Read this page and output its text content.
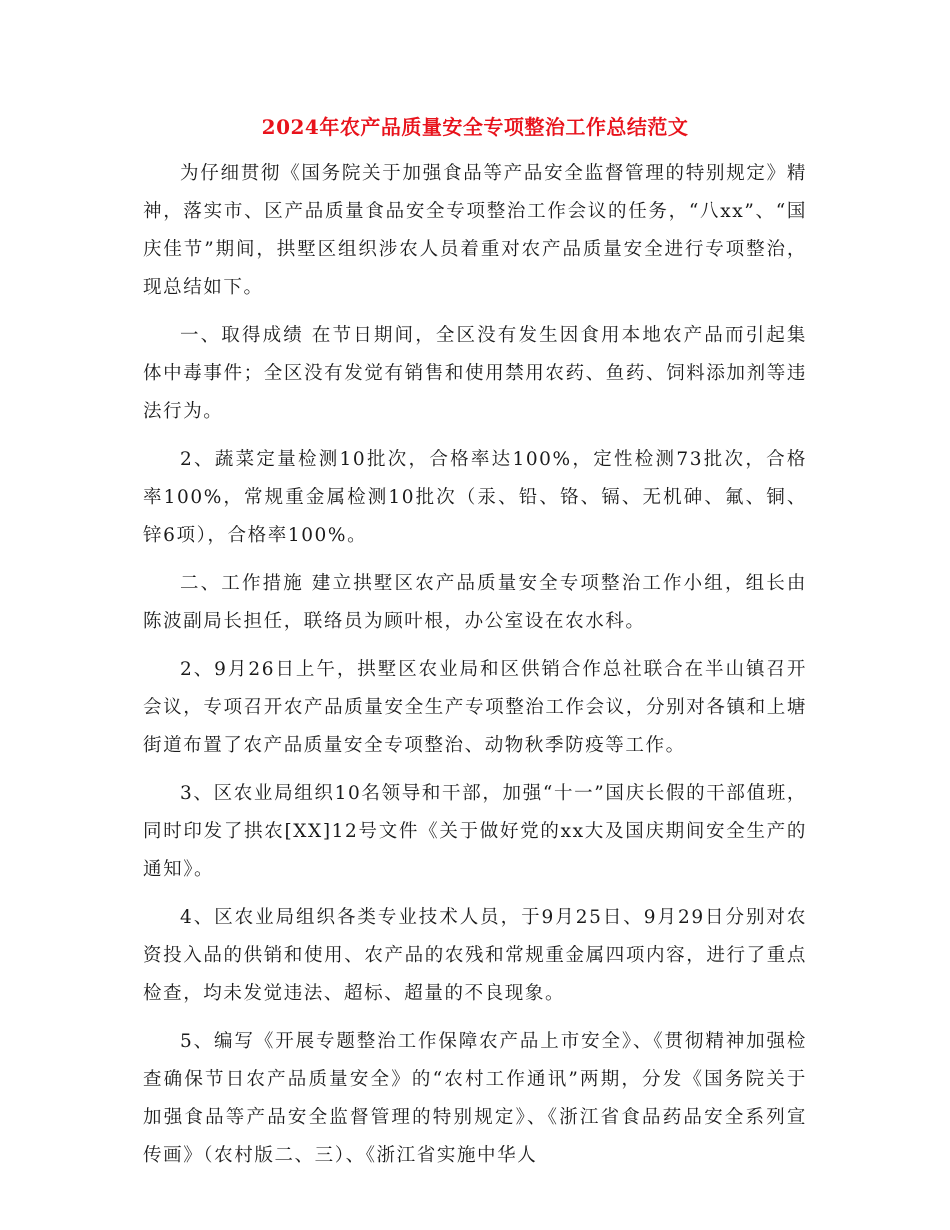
2024年农产品质量安全专项整治工作总结范文

为仔细贯彻《国务院关于加强食品等产品安全监督管理的特别规定》精神，落实市、区产品质量食品安全专项整治工作会议的任务，“八xx”、“国庆佳节”期间，拱墅区组织涉农人员着重对农产品质量安全进行专项整治，现总结如下。

一、取得成绩 在节日期间，全区没有发生因食用本地农产品而引起集体中毒事件；全区没有发觉有销售和使用禁用农药、鱼药、饲料添加剂等违法行为。

2、蔬菜定量检测10批次，合格率达100%，定性检测73批次，合格率100%，常规重金属检测10批次（汞、铅、铬、镉、无机砷、氟、铜、锌6项），合格率100%。

二、工作措施 建立拱墅区农产品质量安全专项整治工作小组，组长由陈波副局长担任，联络员为顾叶根，办公室设在农水科。

2、9月26日上午，拱墅区农业局和区供销合作总社联合在半山镇召开会议，专项召开农产品质量安全生产专项整治工作会议，分别对各镇和上塘街道布置了农产品质量安全专项整治、动物秋季防疫等工作。

3、区农业局组织10名领导和干部，加强“十一”国庆长假的干部值班，同时印发了拱农[XX]12号文件《关于做好党的xx大及国庆期间安全生产的通知》。

4、区农业局组织各类专业技术人员，于9月25日、9月29日分别对农资投入品的供销和使用、农产品的农残和常规重金属四项内容，进行了重点检查，均未发觉违法、超标、超量的不良现象。

5、编写《开展专题整治工作保障农产品上市安全》、《贯彻精神加强检查确保节日农产品质量安全》的“农村工作通讯”两期，分发《国务院关于加强食品等产品安全监督管理的特别规定》、《浙江省食品药品安全系列宣传画》（农村版二、三）、《浙江省实施中华人
